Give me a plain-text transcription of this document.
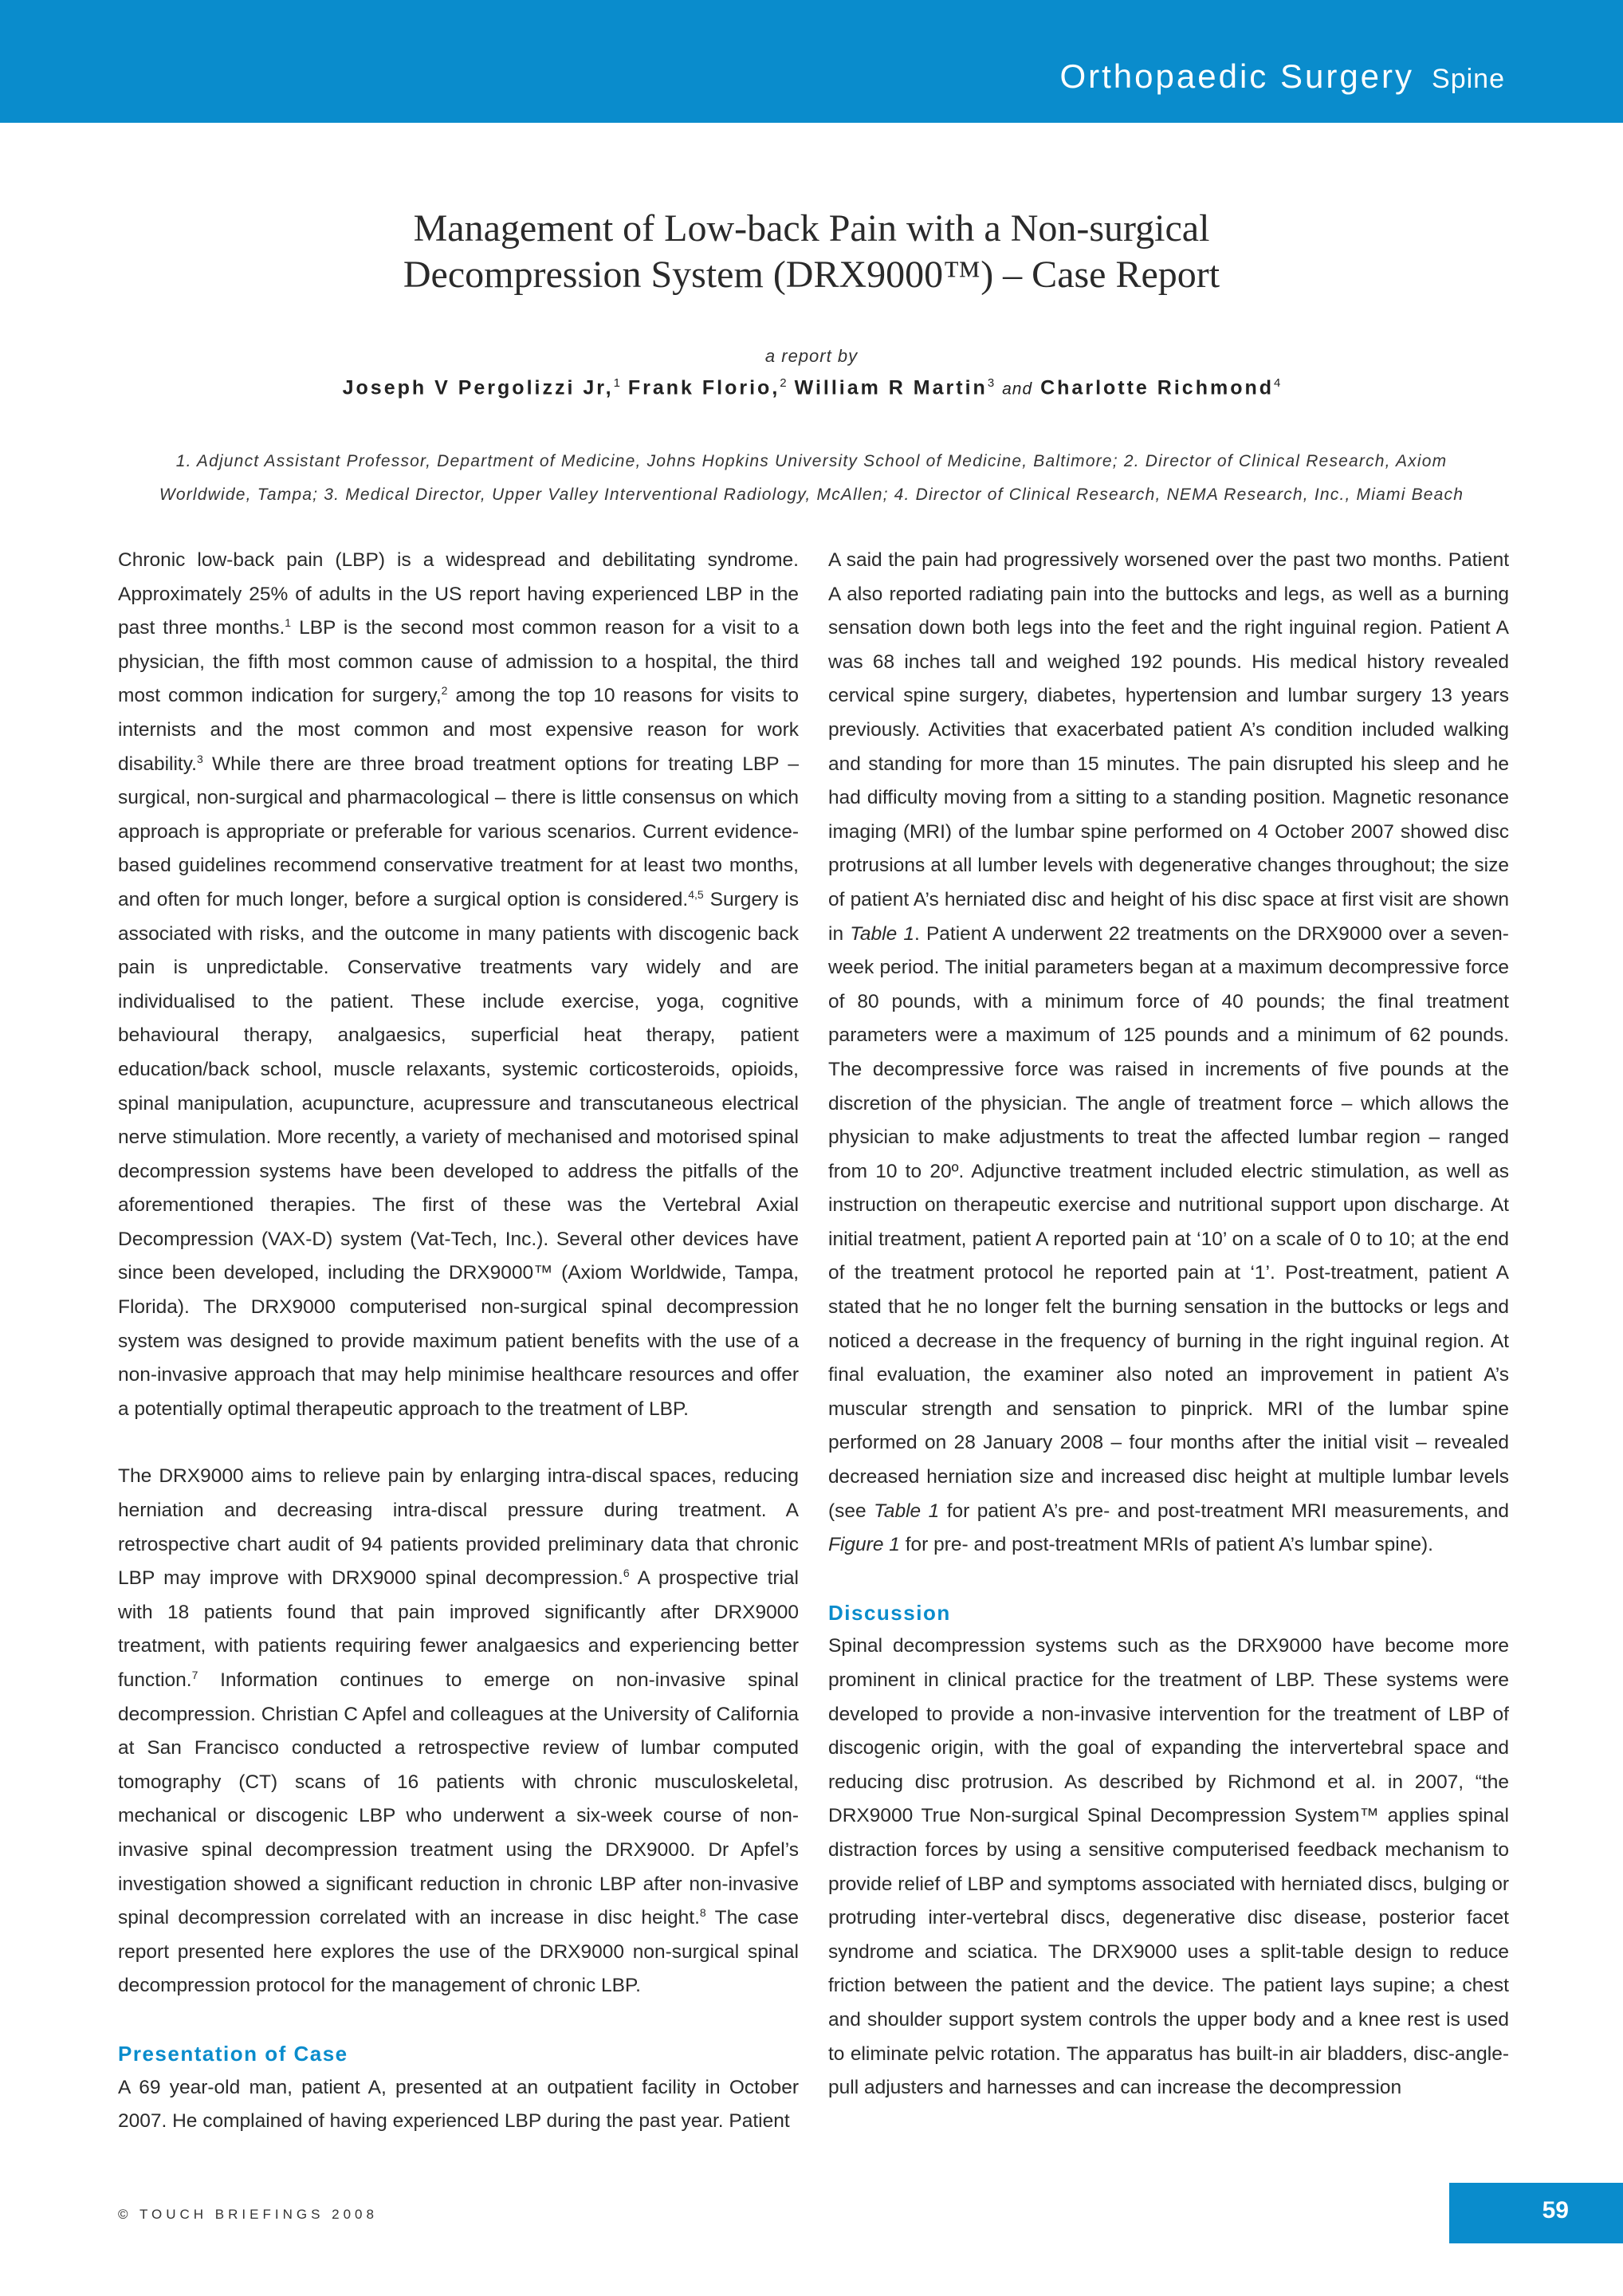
Orthopaedic Surgery Spine
Management of Low-back Pain with a Non-surgical
Decompression System (DRX9000™) – Case Report
a report by
Joseph V Pergolizzi Jr,$^1$ Frank Florio,$^2$ William R Martin$^3$ and Charlotte Richmond$^4$

1. Adjunct Assistant Professor, Department of Medicine, Johns Hopkins University School of Medicine, Baltimore; 2. Director of Clinical Research, Axiom Worldwide, Tampa; 3. Medical Director, Upper Valley Interventional Radiology, McAllen; 4. Director of Clinical Research, NEMA Research, Inc., Miami Beach

Chronic low-back pain (LBP) is a widespread and debilitating syndrome. Approximately 25% of adults in the US report having experienced LBP in the past three months.$^1$ LBP is the second most common reason for a visit to a physician, the fifth most common cause of admission to a hospital, the third most common indication for surgery,$^2$ among the top 10 reasons for visits to internists and the most common and most expensive reason for work disability.$^3$ While there are three broad treatment options for treating LBP – surgical, non-surgical and pharmacological – there is little consensus on which approach is appropriate or preferable for various scenarios. Current evidence-based guidelines recommend conservative treatment for at least two months, and often for much longer, before a surgical option is considered.$^{4,5}$ Surgery is associated with risks, and the outcome in many patients with discogenic back pain is unpredictable. Conservative treatments vary widely and are individualised to the patient. These include exercise, yoga, cognitive behavioural therapy, analgaesics, superficial heat therapy, patient education/back school, muscle relaxants, systemic corticosteroids, opioids, spinal manipulation, acupuncture, acupressure and transcutaneous electrical nerve stimulation. More recently, a variety of mechanised and motorised spinal decompression systems have been developed to address the pitfalls of the aforementioned therapies. The first of these was the Vertebral Axial Decompression (VAX-D) system (Vat-Tech, Inc.). Several other devices have since been developed, including the DRX9000™ (Axiom Worldwide, Tampa, Florida). The DRX9000 computerised non-surgical spinal decompression system was designed to provide maximum patient benefits with the use of a non-invasive approach that may help minimise healthcare resources and offer a potentially optimal therapeutic approach to the treatment of LBP.

The DRX9000 aims to relieve pain by enlarging intra-discal spaces, reducing herniation and decreasing intra-discal pressure during treatment. A retrospective chart audit of 94 patients provided preliminary data that chronic LBP may improve with DRX9000 spinal decompression.$^6$ A prospective trial with 18 patients found that pain improved significantly after DRX9000 treatment, with patients requiring fewer analgaesics and experiencing better function.$^7$ Information continues to emerge on non-invasive spinal decompression. Christian C Apfel and colleagues at the University of California at San Francisco conducted a retrospective review of lumbar computed tomography (CT) scans of 16 patients with chronic musculoskeletal, mechanical or discogenic LBP who underwent a six-week course of non-invasive spinal decompression treatment using the DRX9000. Dr Apfel’s investigation showed a significant reduction in chronic LBP after non-invasive spinal decompression correlated with an increase in disc height.$^8$ The case report presented here explores the use of the DRX9000 non-surgical spinal decompression protocol for the management of chronic LBP.

Presentation of Case

A 69 year-old man, patient A, presented at an outpatient facility in October 2007. He complained of having experienced LBP during the past year. Patient

A said the pain had progressively worsened over the past two months. Patient A also reported radiating pain into the buttocks and legs, as well as a burning sensation down both legs into the feet and the right inguinal region. Patient A was 68 inches tall and weighed 192 pounds. His medical history revealed cervical spine surgery, diabetes, hypertension and lumbar surgery 13 years previously. Activities that exacerbated patient A’s condition included walking and standing for more than 15 minutes. The pain disrupted his sleep and he had difficulty moving from a sitting to a standing position. Magnetic resonance imaging (MRI) of the lumbar spine performed on 4 October 2007 showed disc protrusions at all lumber levels with degenerative changes throughout; the size of patient A’s herniated disc and height of his disc space at first visit are shown in Table 1. Patient A underwent 22 treatments on the DRX9000 over a seven-week period. The initial parameters began at a maximum decompressive force of 80 pounds, with a minimum force of 40 pounds; the final treatment parameters were a maximum of 125 pounds and a minimum of 62 pounds. The decompressive force was raised in increments of five pounds at the discretion of the physician. The angle of treatment force – which allows the physician to make adjustments to treat the affected lumbar region – ranged from 10 to 20º. Adjunctive treatment included electric stimulation, as well as instruction on therapeutic exercise and nutritional support upon discharge. At initial treatment, patient A reported pain at ‘10’ on a scale of 0 to 10; at the end of the treatment protocol he reported pain at ‘1’. Post-treatment, patient A stated that he no longer felt the burning sensation in the buttocks or legs and noticed a decrease in the frequency of burning in the right inguinal region. At final evaluation, the examiner also noted an improvement in patient A’s muscular strength and sensation to pinprick. MRI of the lumbar spine performed on 28 January 2008 – four months after the initial visit – revealed decreased herniation size and increased disc height at multiple lumbar levels (see Table 1 for patient A’s pre- and post-treatment MRI measurements, and Figure 1 for pre- and post-treatment MRIs of patient A’s lumbar spine).

Discussion

Spinal decompression systems such as the DRX9000 have become more prominent in clinical practice for the treatment of LBP. These systems were developed to provide a non-invasive intervention for the treatment of LBP of discogenic origin, with the goal of expanding the intervertebral space and reducing disc protrusion. As described by Richmond et al. in 2007, “the DRX9000 True Non-surgical Spinal Decompression System™ applies spinal distraction forces by using a sensitive computerised feedback mechanism to provide relief of LBP and symptoms associated with herniated discs, bulging or protruding inter-vertebral discs, degenerative disc disease, posterior facet syndrome and sciatica. The DRX9000 uses a split-table design to reduce friction between the patient and the device. The patient lays supine; a chest and shoulder support system controls the upper body and a knee rest is used to eliminate pelvic rotation. The apparatus has built-in air bladders, disc-angle-pull adjusters and harnesses and can increase the decompression

© TOUCH BRIEFINGS 2008	59
